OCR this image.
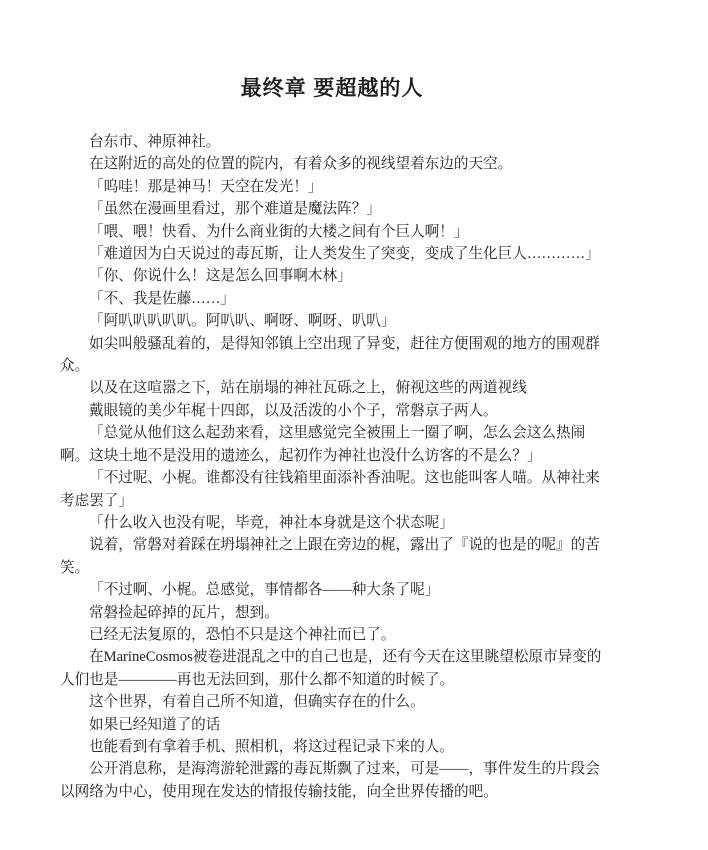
最终章 要超越的人

台东市、神原神社。

在这附近的高处的位置的院内，有着众多的视线望着东边的天空。

「呜哇！那是神马！天空在发光！」

「虽然在漫画里看过，那个难道是魔法阵？」

「喂、喂！快看、为什么商业街的大楼之间有个巨人啊！」

「难道因为白天说过的毒瓦斯，让人类发生了突变，变成了生化巨人…………」

「你、你说什么！这是怎么回事啊木林」

「不、我是佐藤……」

「阿叭叭叭叭叭。阿叭叭、啊呀、啊呀、叭叭」

如尖叫般骚乱着的，是得知邻镇上空出现了异变，赶往方便围观的地方的围观群
众。

以及在这喧嚣之下，站在崩塌的神社瓦砾之上，俯视这些的两道视线

戴眼镜的美少年梶十四郎，以及活泼的小个子，常磐京子两人。

「总觉从他们这么起劲来看，这里感觉完全被围上一圈了啊，怎么会这么热闹
啊。这块土地不是没用的遗迹么，起初作为神社也没什么访客的不是么？」

「不过呢、小梶。谁都没有往钱箱里面添补香油呢。这也能叫客人喵。从神社来
考虑罢了」

「什么收入也没有呢，毕竟，神社本身就是这个状态呢」

说着，常磐对着踩在坍塌神社之上跟在旁边的梶，露出了『说的也是的呢』的苦
笑。

「不过啊、小梶。总感觉，事情都各——种大条了呢」

常磐捡起碎掉的瓦片，想到。

已经无法复原的，恐怕不只是这个神社而已了。

在MarineCosmos被卷进混乱之中的自己也是，还有今天在这里眺望松原市异变的
人们也是————再也无法回到，那什么都不知道的时候了。

这个世界，有着自己所不知道，但确实存在的什么。

如果已经知道了的话

也能看到有拿着手机、照相机，将这过程记录下来的人。

公开消息称，是海湾游轮泄露的毒瓦斯飘了过来，可是——，事件发生的片段会
以网络为中心，使用现在发达的情报传输技能，向全世界传播的吧。
